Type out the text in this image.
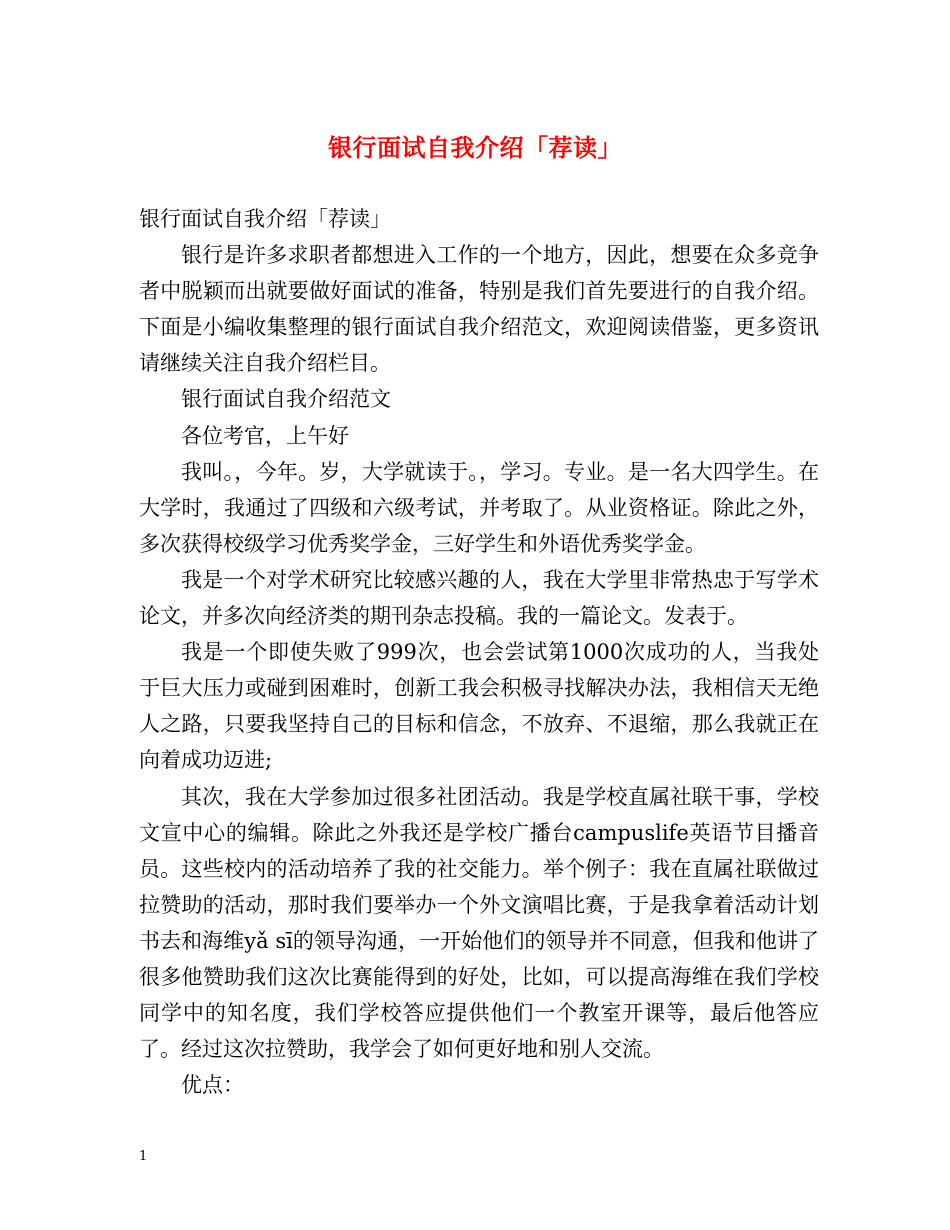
银行面试自我介绍「荐读」

银行面试自我介绍「荐读」

银行是许多求职者都想进入工作的一个地方，因此，想要在众多竞争者中脱颖而出就要做好面试的准备，特别是我们首先要进行的自我介绍。下面是小编收集整理的银行面试自我介绍范文，欢迎阅读借鉴，更多资讯请继续关注自我介绍栏目。

银行面试自我介绍范文

各位考官，上午好

我叫。，今年。岁，大学就读于。，学习。专业。是一名大四学生。在大学时，我通过了四级和六级考试，并考取了。从业资格证。除此之外，多次获得校级学习优秀奖学金，三好学生和外语优秀奖学金。

我是一个对学术研究比较感兴趣的人，我在大学里非常热忠于写学术论文，并多次向经济类的期刊杂志投稿。我的一篇论文。发表于。

我是一个即使失败了999次，也会尝试第1000次成功的人，当我处于巨大压力或碰到困难时，创新工我会积极寻找解决办法，我相信天无绝人之路，只要我坚持自己的目标和信念，不放弃、不退缩，那么我就正在向着成功迈进;

其次，我在大学参加过很多社团活动。我是学校直属社联干事，学校文宣中心的编辑。除此之外我还是学校广播台campuslife英语节目播音员。这些校内的活动培养了我的社交能力。举个例子：我在直属社联做过拉赞助的活动，那时我们要举办一个外文演唱比赛，于是我拿着活动计划书去和海维yǎ sī的领导沟通，一开始他们的领导并不同意，但我和他讲了很多他赞助我们这次比赛能得到的好处，比如，可以提高海维在我们学校同学中的知名度，我们学校答应提供他们一个教室开课等，最后他答应了。经过这次拉赞助，我学会了如何更好地和别人交流。

优点：

1
